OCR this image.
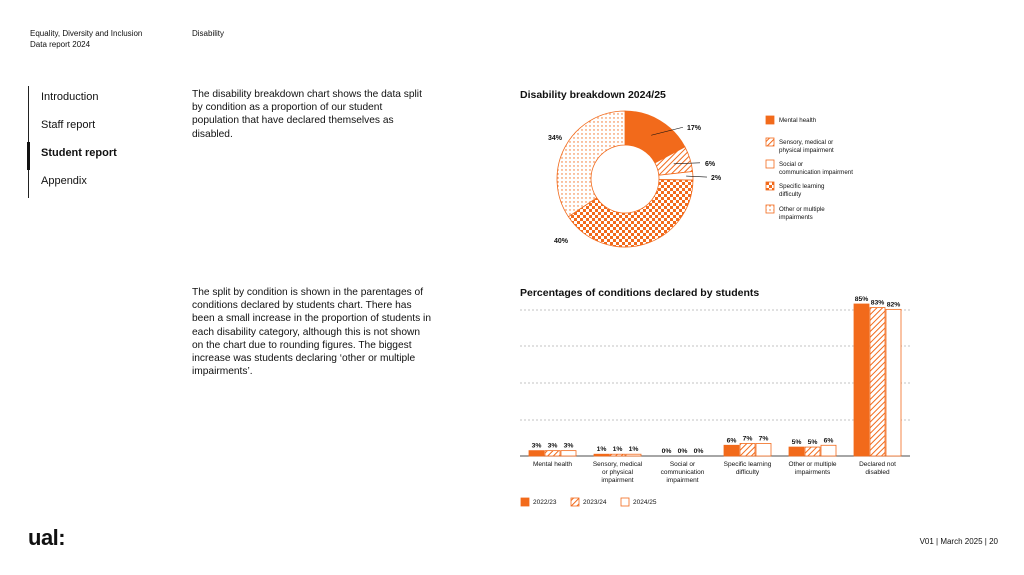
Equality, Diversity and Inclusion
Data report 2024
Disability
Introduction
Staff report
Student report
Appendix

The disability breakdown chart shows the data split by condition as a proportion of our student population that have declared themselves as disabled.

The split by condition is shown in the parentages of conditions declared by students chart. There has been a small increase in the proportion of students in each disability category, although this is not shown on the chart due to rounding figures. The biggest increase was students declaring ‘other or multiple impairments’.

Disability breakdown 2024/25
Percentages of conditions declared by students
17%
6%
2%
40%
34%
Mental health
Sensory, medical or physical impairment
Social or communication impairment
Specific learning difficulty
Other or multiple impairments
3% 3% 3%
1% 1% 1%	0% 0% 0%
6% 7% 7%
5% 5% 6%
85%
83% 82%
Mental health	Sensory, medical or physical impairment
Social or communication impairment
Specific learning difficulty
Other or multiple impairments
Declared not disabled
2022/23	2023/24	2024/25
ual:	V01 | March 2025 | 20
